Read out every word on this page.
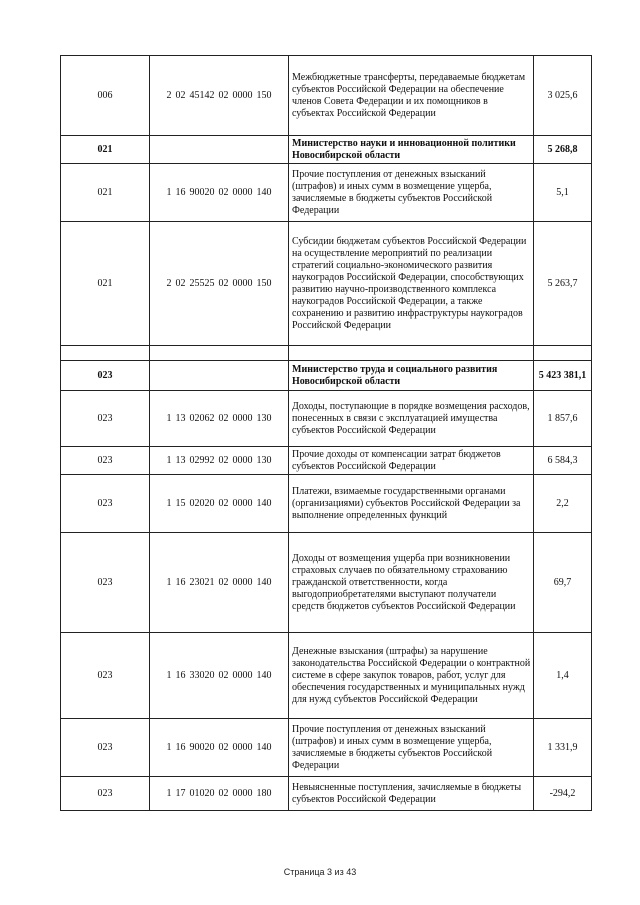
006	2 02 45142 02 0000 150	Межбюджетные трансферты, передаваемые бюджетам субъектов Российской Федерации на обеспечение членов Совета Федерации и их помощников в субъектах Российской Федерации	3 025,6
021		Министерство науки и инновационной политики Новосибирской области	5 268,8
021	1 16 90020 02 0000 140	Прочие поступления от денежных взысканий (штрафов) и иных сумм в возмещение ущерба, зачисляемые в бюджеты субъектов Российской Федерации	5,1
021	2 02 25525 02 0000 150	Субсидии бюджетам субъектов Российской Федерации на осуществление мероприятий по реализации стратегий социально-экономического развития наукоградов Российской Федерации, способствующих развитию научно-производственного комплекса наукоградов Российской Федерации, а также сохранению и развитию инфраструктуры наукоградов Российской Федерации	5 263,7

023		Министерство труда и социального развития Новосибирской области	5 423 381,1
023	1 13 02062 02 0000 130	Доходы, поступающие в порядке возмещения расходов, понесенных в связи с эксплуатацией имущества субъектов Российской Федерации	1 857,6
023	1 13 02992 02 0000 130	Прочие доходы от компенсации затрат бюджетов субъектов Российской Федерации	6 584,3
023	1 15 02020 02 0000 140	Платежи, взимаемые государственными органами (организациями) субъектов Российской Федерации за выполнение определенных функций	2,2
023	1 16 23021 02 0000 140	Доходы от возмещения ущерба при возникновении страховых случаев по обязательному страхованию гражданской ответственности, когда выгодоприобретателями выступают получатели средств бюджетов субъектов Российской Федерации	69,7
023	1 16 33020 02 0000 140	Денежные взыскания (штрафы) за нарушение законодательства Российской Федерации о контрактной системе в сфере закупок товаров, работ, услуг для обеспечения государственных и муниципальных нужд для нужд субъектов Российской Федерации	1,4
023	1 16 90020 02 0000 140	Прочие поступления от денежных взысканий (штрафов) и иных сумм в возмещение ущерба, зачисляемые в бюджеты субъектов Российской Федерации	1 331,9
023	1 17 01020 02 0000 180	Невыясненные поступления, зачисляемые в бюджеты субъектов Российской Федерации	-294,2
Страница 3 из 43
